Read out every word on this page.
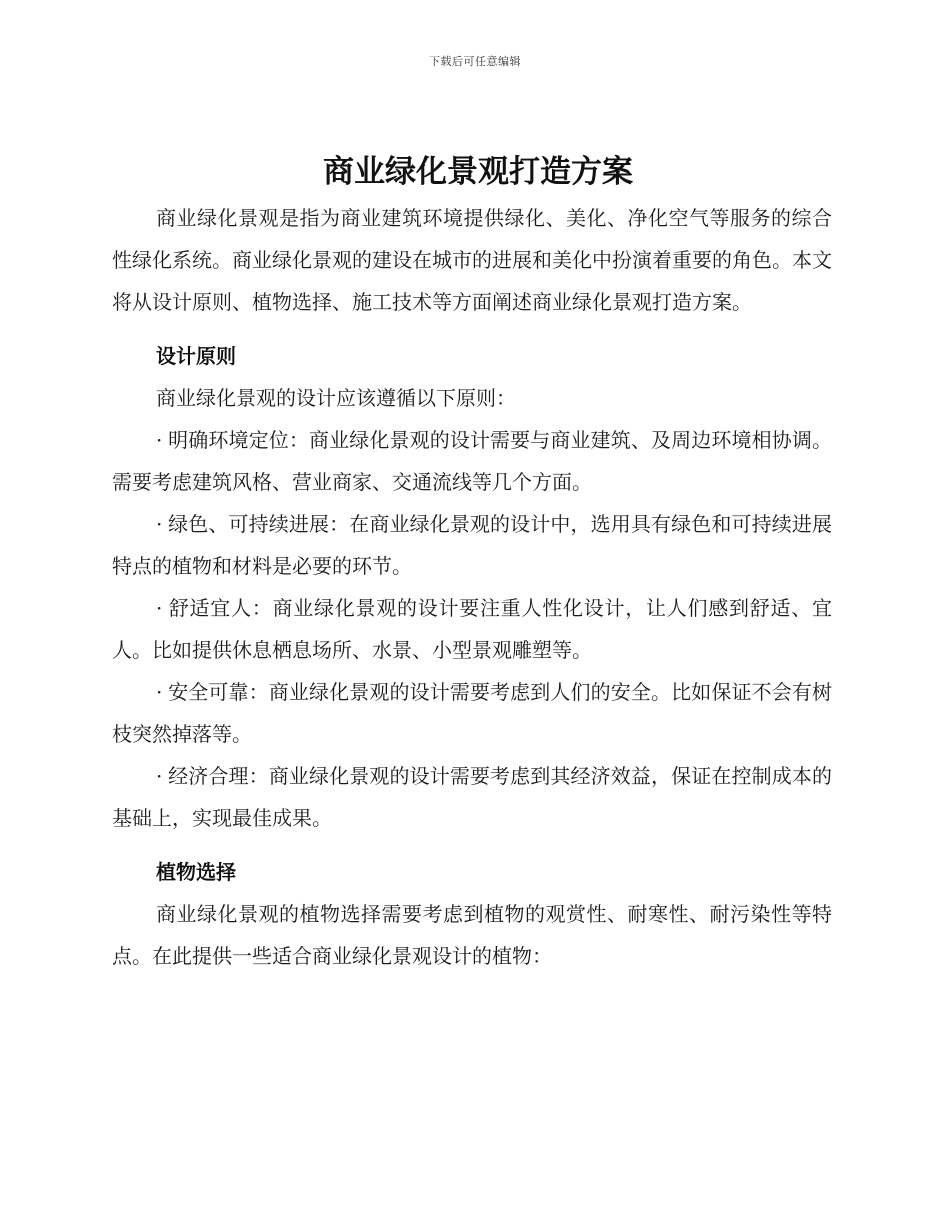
下载后可任意编辑
商业绿化景观打造方案

商业绿化景观是指为商业建筑环境提供绿化、美化、净化空气等服务的综合性绿化系统。商业绿化景观的建设在城市的进展和美化中扮演着重要的角色。本文将从设计原则、植物选择、施工技术等方面阐述商业绿化景观打造方案。

设计原则

商业绿化景观的设计应该遵循以下原则：

· 明确环境定位：商业绿化景观的设计需要与商业建筑、及周边环境相协调。需要考虑建筑风格、营业商家、交通流线等几个方面。

· 绿色、可持续进展：在商业绿化景观的设计中，选用具有绿色和可持续进展特点的植物和材料是必要的环节。

· 舒适宜人：商业绿化景观的设计要注重人性化设计，让人们感到舒适、宜人。比如提供休息栖息场所、水景、小型景观雕塑等。

· 安全可靠：商业绿化景观的设计需要考虑到人们的安全。比如保证不会有树枝突然掉落等。

· 经济合理：商业绿化景观的设计需要考虑到其经济效益，保证在控制成本的基础上，实现最佳成果。

植物选择

商业绿化景观的植物选择需要考虑到植物的观赏性、耐寒性、耐污染性等特点。在此提供一些适合商业绿化景观设计的植物：
